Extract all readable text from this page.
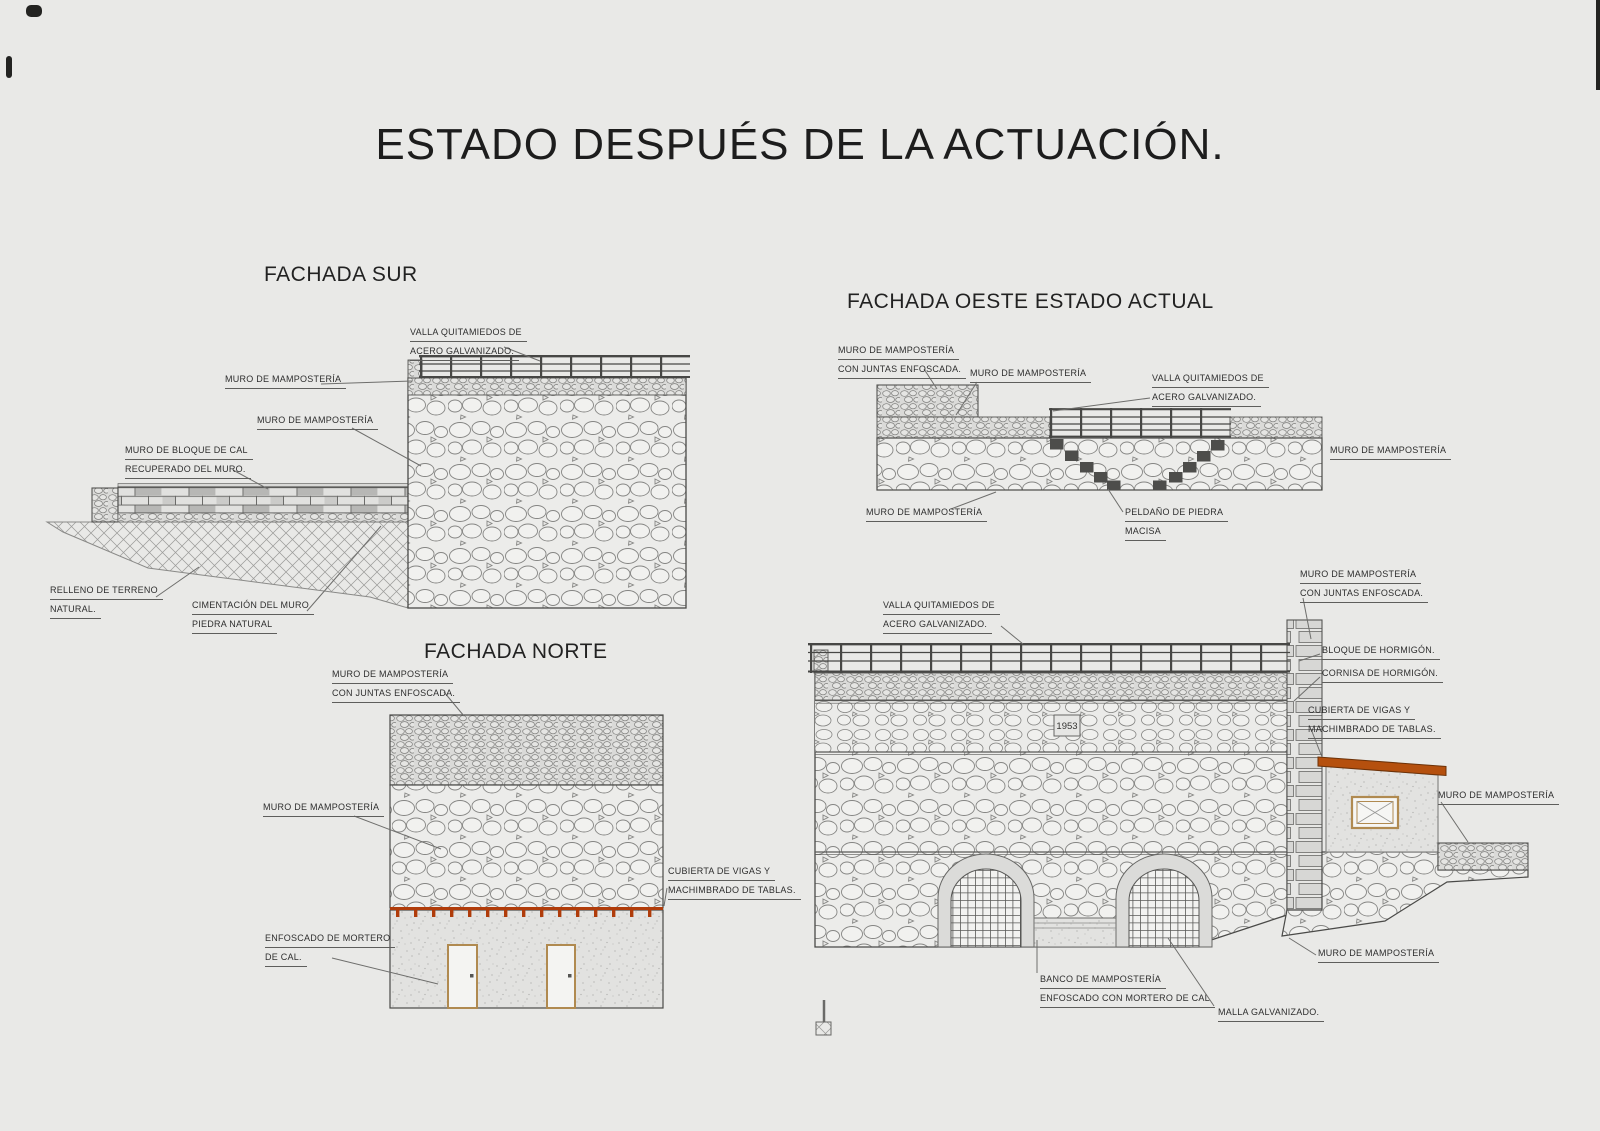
1953
ESTADO DESPUÉS DE LA ACTUACIÓN.
FACHADA SUR
FACHADA OESTE ESTADO ACTUAL
FACHADA NORTE
VALLA QUITAMIEDOS DE
ACERO GALVANIZADO.
MURO DE MAMPOSTERÍA
MURO DE MAMPOSTERÍA
MURO DE BLOQUE DE CAL
RECUPERADO DEL MURO.
RELLENO DE TERRENO
NATURAL.	CIMENTACIÓN DEL MURO
PIEDRA NATURAL
MURO DE MAMPOSTERÍA
CON JUNTAS ENFOSCADA. MURO DE MAMPOSTERÍA	VALLA QUITAMIEDOS DE
ACERO GALVANIZADO.
MURO DE MAMPOSTERÍA
MURO DE MAMPOSTERÍA	PELDAÑO DE PIEDRA
MACISA
MURO DE MAMPOSTERÍA
CON JUNTAS ENFOSCADA.
MURO DE MAMPOSTERÍA
CUBIERTA DE VIGAS Y
MACHIMBRADO DE TABLAS.
ENFOSCADO DE MORTERO
DE CAL.
VALLA QUITAMIEDOS DE
ACERO GALVANIZADO.
MURO DE MAMPOSTERÍA
CON JUNTAS ENFOSCADA.
BLOQUE DE HORMIGÓN.
CORNISA DE HORMIGÓN.
CUBIERTA DE VIGAS Y
MACHIMBRADO DE TABLAS.
MURO DE MAMPOSTERÍA
MURO DE MAMPOSTERÍA
BANCO DE MAMPOSTERÍA
ENFOSCADO CON MORTERO DE CAL
MALLA GALVANIZADO.
